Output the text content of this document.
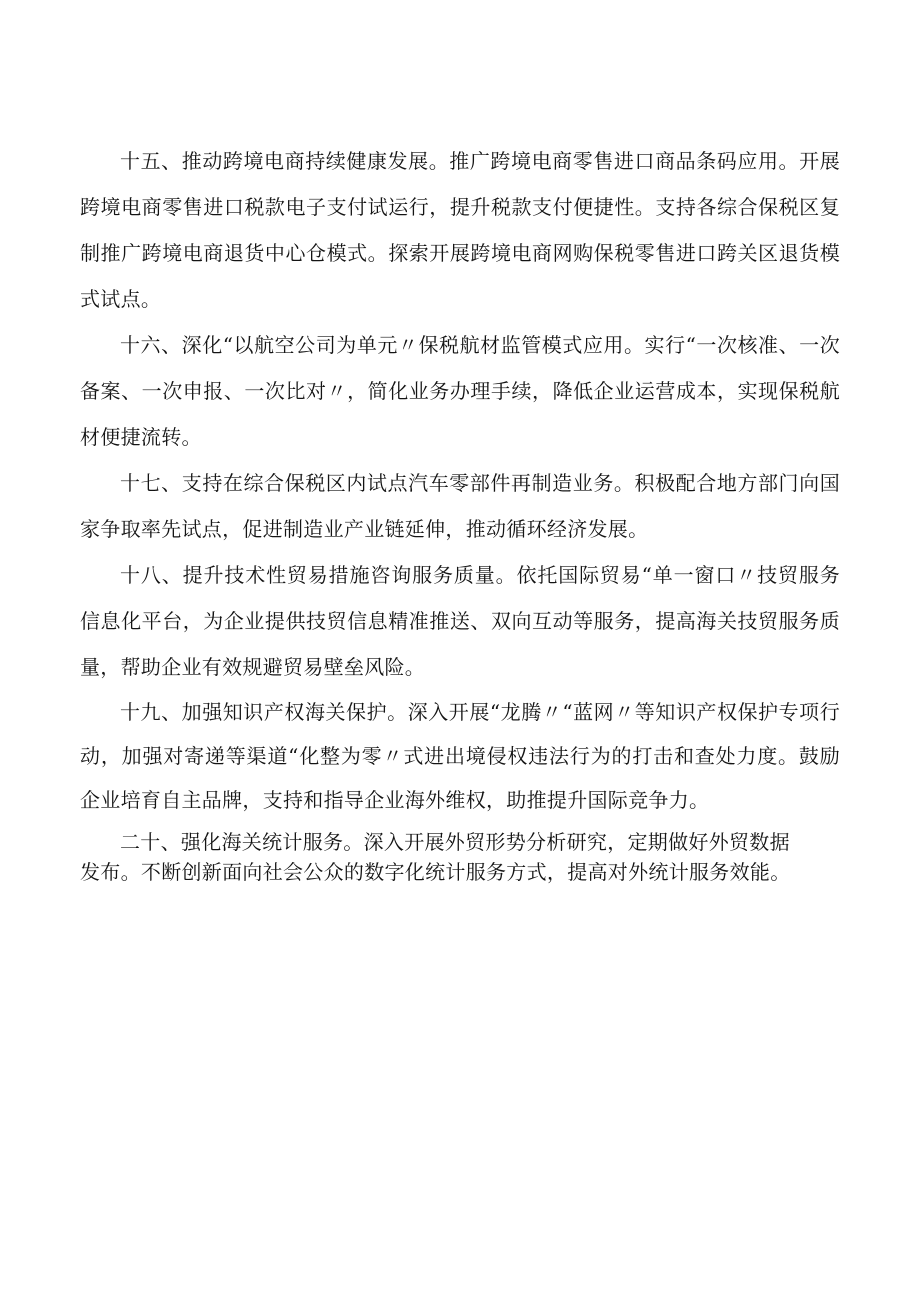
十五、推动跨境电商持续健康发展。推广跨境电商零售进口商品条码应用。开展跨境电商零售进口税款电子支付试运行，提升税款支付便捷性。支持各综合保税区复制推广跨境电商退货中心仓模式。探索开展跨境电商网购保税零售进口跨关区退货模式试点。

十六、深化“以航空公司为单元〃保税航材监管模式应用。实行“一次核准、一次备案、一次申报、一次比对〃，简化业务办理手续，降低企业运营成本，实现保税航材便捷流转。

十七、支持在综合保税区内试点汽车零部件再制造业务。积极配合地方部门向国家争取率先试点，促进制造业产业链延伸，推动循环经济发展。

十八、提升技术性贸易措施咨询服务质量。依托国际贸易“单一窗口〃技贸服务信息化平台，为企业提供技贸信息精准推送、双向互动等服务，提高海关技贸服务质量，帮助企业有效规避贸易壁垒风险。

十九、加强知识产权海关保护。深入开展“龙腾〃“蓝网〃等知识产权保护专项行动，加强对寄递等渠道“化整为零〃式进出境侵权违法行为的打击和查处力度。鼓励企业培育自主品牌，支持和指导企业海外维权，助推提升国际竞争力。

二十、强化海关统计服务。深入开展外贸形势分析研究，定期做好外贸数据

发布。不断创新面向社会公众的数字化统计服务方式，提高对外统计服务效能。
